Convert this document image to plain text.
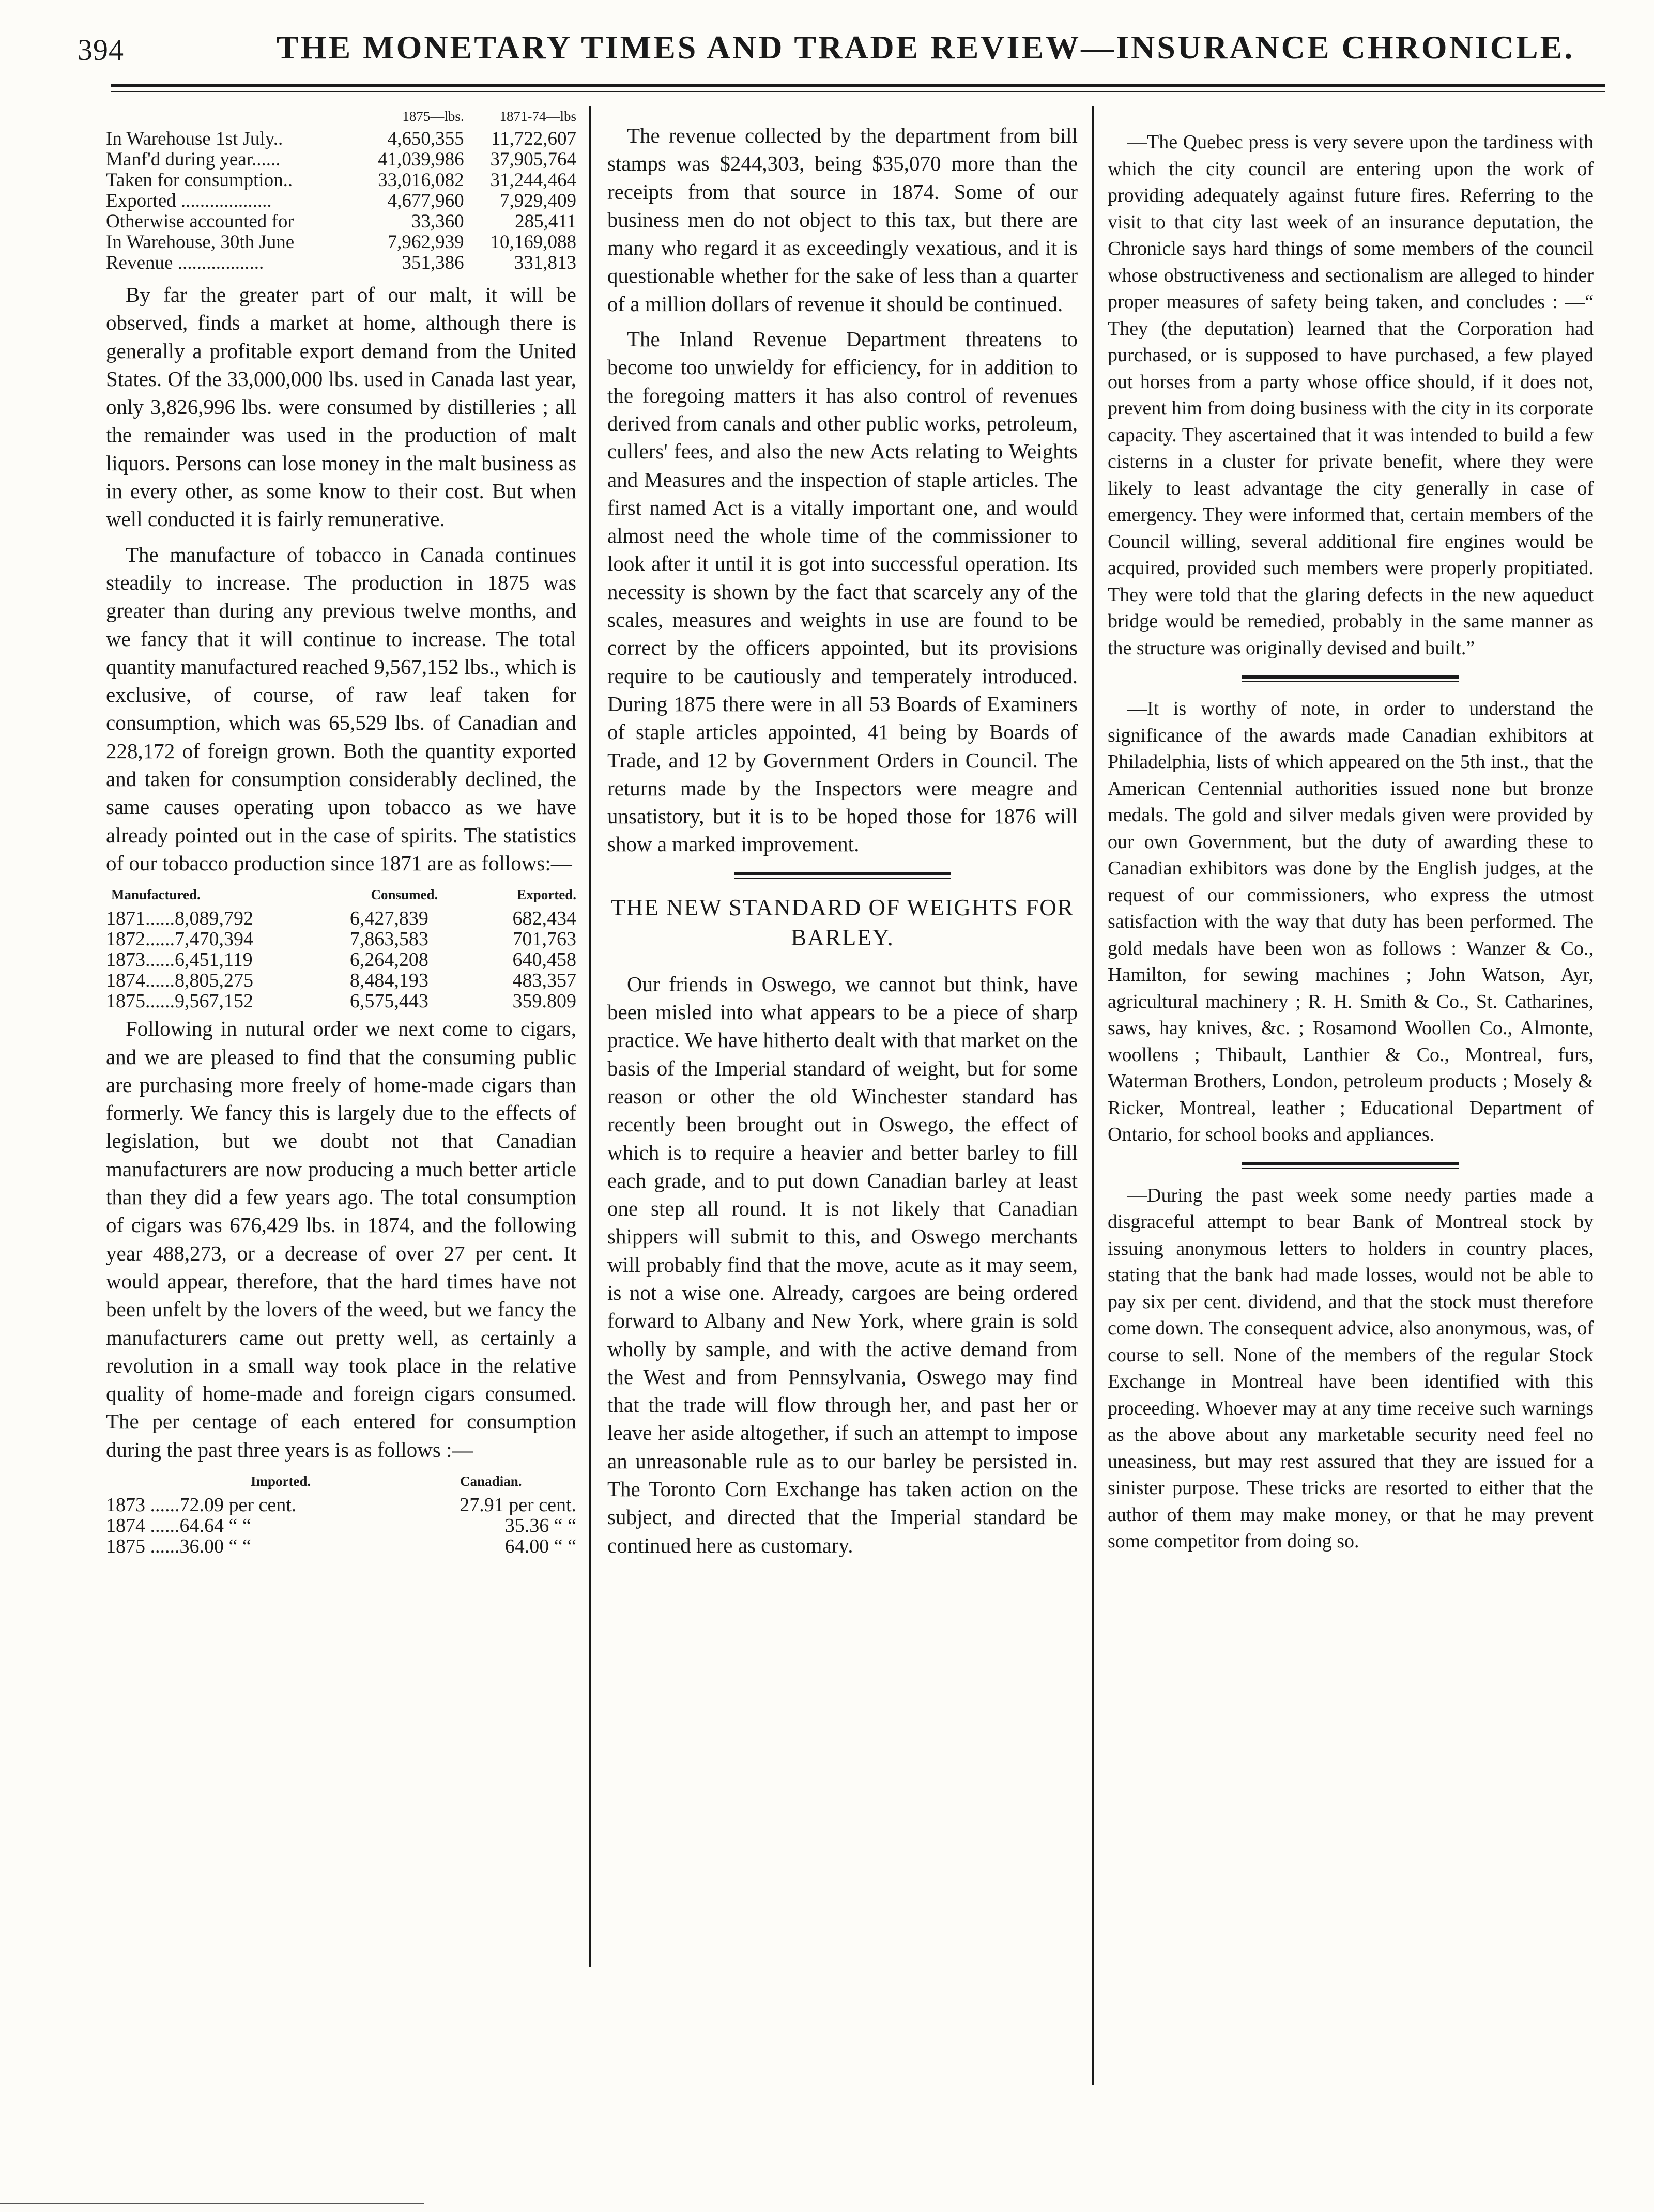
394	THE MONETARY TIMES AND TRADE REVIEW—INSURANCE CHRONICLE.
	1875—lbs.	1871-74—lbs
In Warehouse 1st July..	4,650,355	11,722,607
Manf'd during year......	41,039,986	37,905,764
Taken for consumption..	33,016,082	31,244,464
Exported ...................	4,677,960	7,929,409
Otherwise accounted for	33,360	285,411
In Warehouse, 30th June	7,962,939	10,169,088
Revenue ..................	351,386	331,813

By far the greater part of our malt, it will be observed, finds a market at home, although there is generally a profitable export demand from the United States. Of the 33,000,000 lbs. used in Canada last year, only 3,826,996 lbs. were consumed by distilleries ; all the remainder was used in the production of malt liquors. Persons can lose money in the malt business as in every other, as some know to their cost. But when well conducted it is fairly remunerative.

The manufacture of tobacco in Canada continues steadily to increase. The production in 1875 was greater than during any previous twelve months, and we fancy that it will continue to increase. The total quantity manufactured reached 9,567,152 lbs., which is exclusive, of course, of raw leaf taken for consumption, which was 65,529 lbs. of Canadian and 228,172 of foreign grown. Both the quantity exported and taken for consumption considerably declined, the same causes operating upon tobacco as we have already pointed out in the case of spirits. The statistics of our tobacco production since 1871 are as follows:—

Manufactured.	Consumed.	Exported.
1871......8,089,792	6,427,839	682,434
1872......7,470,394	7,863,583	701,763
1873......6,451,119	6,264,208	640,458
1874......8,805,275	8,484,193	483,357
1875......9,567,152	6,575,443	359.809

Following in nutural order we next come to cigars, and we are pleased to find that the consuming public are purchasing more freely of home-made cigars than formerly. We fancy this is largely due to the effects of legislation, but we doubt not that Canadian manufacturers are now producing a much better article than they did a few years ago. The total consumption of cigars was 676,429 lbs. in 1874, and the following year 488,273, or a decrease of over 27 per cent. It would appear, therefore, that the hard times have not been unfelt by the lovers of the weed, but we fancy the manufacturers came out pretty well, as certainly a revolution in a small way took place in the relative quality of home-made and foreign cigars consumed. The per centage of each entered for consumption during the past three years is as follows :—

Imported.	Canadian.
1873 ......72.09 per cent.	27.91 per cent.
1874 ......64.64 “ “	35.36 “ “
1875 ......36.00 “ “	64.00 “ “

The revenue collected by the department from bill stamps was $244,303, being $35,070 more than the receipts from that source in 1874. Some of our business men do not object to this tax, but there are many who regard it as exceedingly vexatious, and it is questionable whether for the sake of less than a quarter of a million dollars of revenue it should be continued.

The Inland Revenue Department threatens to become too unwieldy for efficiency, for in addition to the foregoing matters it has also control of revenues derived from canals and other public works, petroleum, cullers' fees, and also the new Acts relating to Weights and Measures and the inspection of staple articles. The first named Act is a vitally important one, and would almost need the whole time of the commissioner to look after it until it is got into successful operation. Its necessity is shown by the fact that scarcely any of the scales, measures and weights in use are found to be correct by the officers appointed, but its provisions require to be cautiously and temperately introduced. During 1875 there were in all 53 Boards of Examiners of staple articles appointed, 41 being by Boards of Trade, and 12 by Government Orders in Council. The returns made by the Inspectors were meagre and unsatistory, but it is to be hoped those for 1876 will show a marked improvement.

THE NEW STANDARD OF WEIGHTS FOR BARLEY.

Our friends in Oswego, we cannot but think, have been misled into what appears to be a piece of sharp practice. We have hitherto dealt with that market on the basis of the Imperial standard of weight, but for some reason or other the old Winchester standard has recently been brought out in Oswego, the effect of which is to require a heavier and better barley to fill each grade, and to put down Canadian barley at least one step all round. It is not likely that Canadian shippers will submit to this, and Oswego merchants will probably find that the move, acute as it may seem, is not a wise one. Already, cargoes are being ordered forward to Albany and New York, where grain is sold wholly by sample, and with the active demand from the West and from Pennsylvania, Oswego may find that the trade will flow through her, and past her or leave her aside altogether, if such an attempt to impose an unreasonable rule as to our barley be persisted in. The Toronto Corn Exchange has taken action on the subject, and directed that the Imperial standard be continued here as customary.

—The Quebec press is very severe upon the tardiness with which the city council are entering upon the work of providing adequately against future fires. Referring to the visit to that city last week of an insurance deputation, the Chronicle says hard things of some members of the council whose obstructiveness and sectionalism are alleged to hinder proper measures of safety being taken, and concludes : —“ They (the deputation) learned that the Corporation had purchased, or is supposed to have purchased, a few played out horses from a party whose office should, if it does not, prevent him from doing business with the city in its corporate capacity. They ascertained that it was intended to build a few cisterns in a cluster for private benefit, where they were likely to least advantage the city generally in case of emergency. They were informed that, certain members of the Council willing, several additional fire engines would be acquired, provided such members were properly propitiated. They were told that the glaring defects in the new aqueduct bridge would be remedied, probably in the same manner as the structure was originally devised and built.”

—It is worthy of note, in order to understand the significance of the awards made Canadian exhibitors at Philadelphia, lists of which appeared on the 5th inst., that the American Centennial authorities issued none but bronze medals. The gold and silver medals given were provided by our own Government, but the duty of awarding these to Canadian exhibitors was done by the English judges, at the request of our commissioners, who express the utmost satisfaction with the way that duty has been performed. The gold medals have been won as follows : Wanzer & Co., Hamilton, for sewing machines ; John Watson, Ayr, agricultural machinery ; R. H. Smith & Co., St. Catharines, saws, hay knives, &c. ; Rosamond Woollen Co., Almonte, woollens ; Thibault, Lanthier & Co., Montreal, furs, Waterman Brothers, London, petroleum products ; Mosely & Ricker, Montreal, leather ; Educational Department of Ontario, for school books and appliances.

—During the past week some needy parties made a disgraceful attempt to bear Bank of Montreal stock by issuing anonymous letters to holders in country places, stating that the bank had made losses, would not be able to pay six per cent. dividend, and that the stock must therefore come down. The consequent advice, also anonymous, was, of course to sell. None of the members of the regular Stock Exchange in Montreal have been identified with this proceeding. Whoever may at any time receive such warnings as the above about any marketable security need feel no uneasiness, but may rest assured that they are issued for a sinister purpose. These tricks are resorted to either that the author of them may make money, or that he may prevent some competitor from doing so.
